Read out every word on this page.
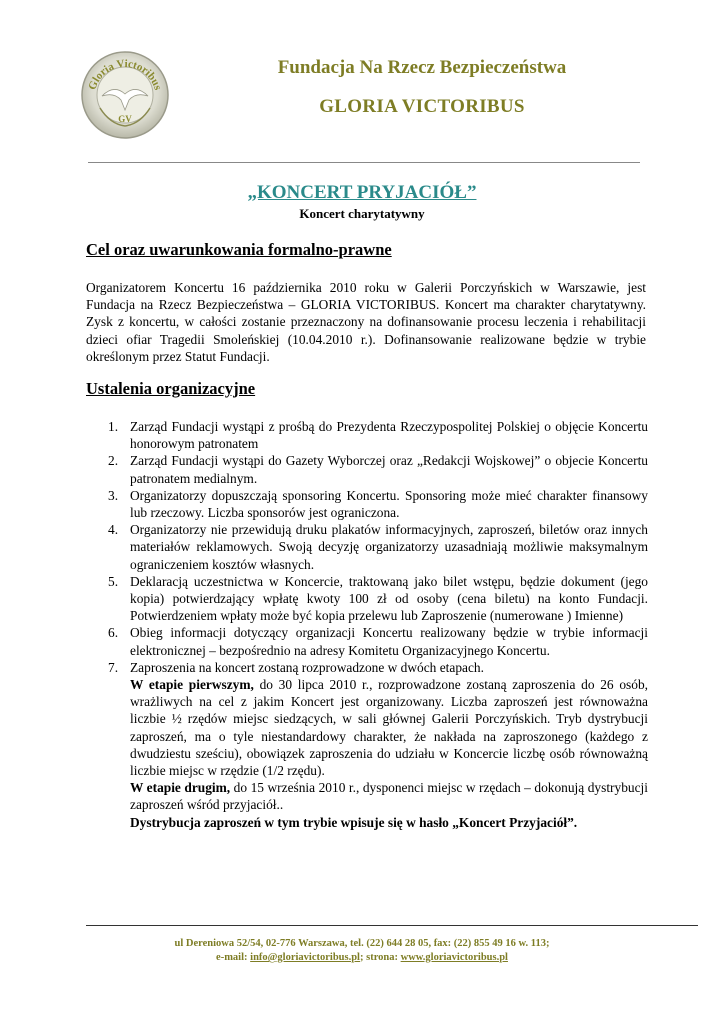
Gloria Victoribus
GV
Fundacja Na Rzecz Bezpieczeństwa
GLORIA VICTORIBUS
„KONCERT PRYJACIÓŁ”
Koncert charytatywny
Cel oraz uwarunkowania formalno-prawne

Organizatorem Koncertu 16 października 2010 roku w Galerii Porczyńskich w Warszawie, jest Fundacja na Rzecz Bezpieczeństwa – GLORIA VICTORIBUS. Koncert ma charakter charytatywny. Zysk z koncertu, w całości zostanie przeznaczony na dofinansowanie procesu leczenia i rehabilitacji dzieci ofiar Tragedii Smoleńskiej (10.04.2010 r.). Dofinansowanie realizowane będzie w trybie określonym przez Statut Fundacji.

Ustalenia organizacyjne
1. Zarząd Fundacji wystąpi z prośbą do Prezydenta Rzeczypospolitej Polskiej o objęcie Koncertu honorowym patronatem
2. Zarząd Fundacji wystąpi do Gazety Wyborczej oraz „Redakcji Wojskowej” o objecie Koncertu patronatem medialnym.
3. Organizatorzy dopuszczają sponsoring Koncertu. Sponsoring może mieć charakter finansowy lub rzeczowy. Liczba sponsorów jest ograniczona.
4. Organizatorzy nie przewidują druku plakatów informacyjnych, zaproszeń, biletów oraz innych materiałów reklamowych. Swoją decyzję organizatorzy uzasadniają możliwie maksymalnym ograniczeniem kosztów własnych.
5. Deklaracją uczestnictwa w Koncercie, traktowaną jako bilet wstępu, będzie dokument (jego kopia) potwierdzający wpłatę kwoty 100 zł od osoby (cena biletu) na konto Fundacji. Potwierdzeniem wpłaty może być kopia przelewu lub Zaproszenie (numerowane ) Imienne)
6. Obieg informacji dotyczący organizacji Koncertu realizowany będzie w trybie informacji elektronicznej – bezpośrednio na adresy Komitetu Organizacyjnego Koncertu.
7. Zaproszenia na koncert zostaną rozprowadzone w dwóch etapach.

W etapie pierwszym, do 30 lipca 2010 r., rozprowadzone zostaną zaproszenia do 26 osób, wrażliwych na cel z jakim Koncert jest organizowany. Liczba zaproszeń jest równoważna liczbie ½ rzędów miejsc siedzących, w sali głównej Galerii Porczyńskich. Tryb dystrybucji zaproszeń, ma o tyle niestandardowy charakter, że nakłada na zaproszonego (każdego z dwudziestu sześciu), obowiązek zaproszenia do udziału w Koncercie liczbę osób równoważną liczbie miejsc w rzędzie (1/2 rzędu).

W etapie drugim, do 15 września 2010 r., dysponenci miejsc w rzędach – dokonują dystrybucji zaproszeń wśród przyjaciół..

Dystrybucja zaproszeń w tym trybie wpisuje się w hasło „Koncert Przyjaciół”.

ul Dereniowa 52/54, 02-776 Warszawa, tel. (22) 644 28 05, fax: (22) 855 49 16 w. 113;
e-mail: info@gloriavictoribus.pl; strona: www.gloriavictoribus.pl
